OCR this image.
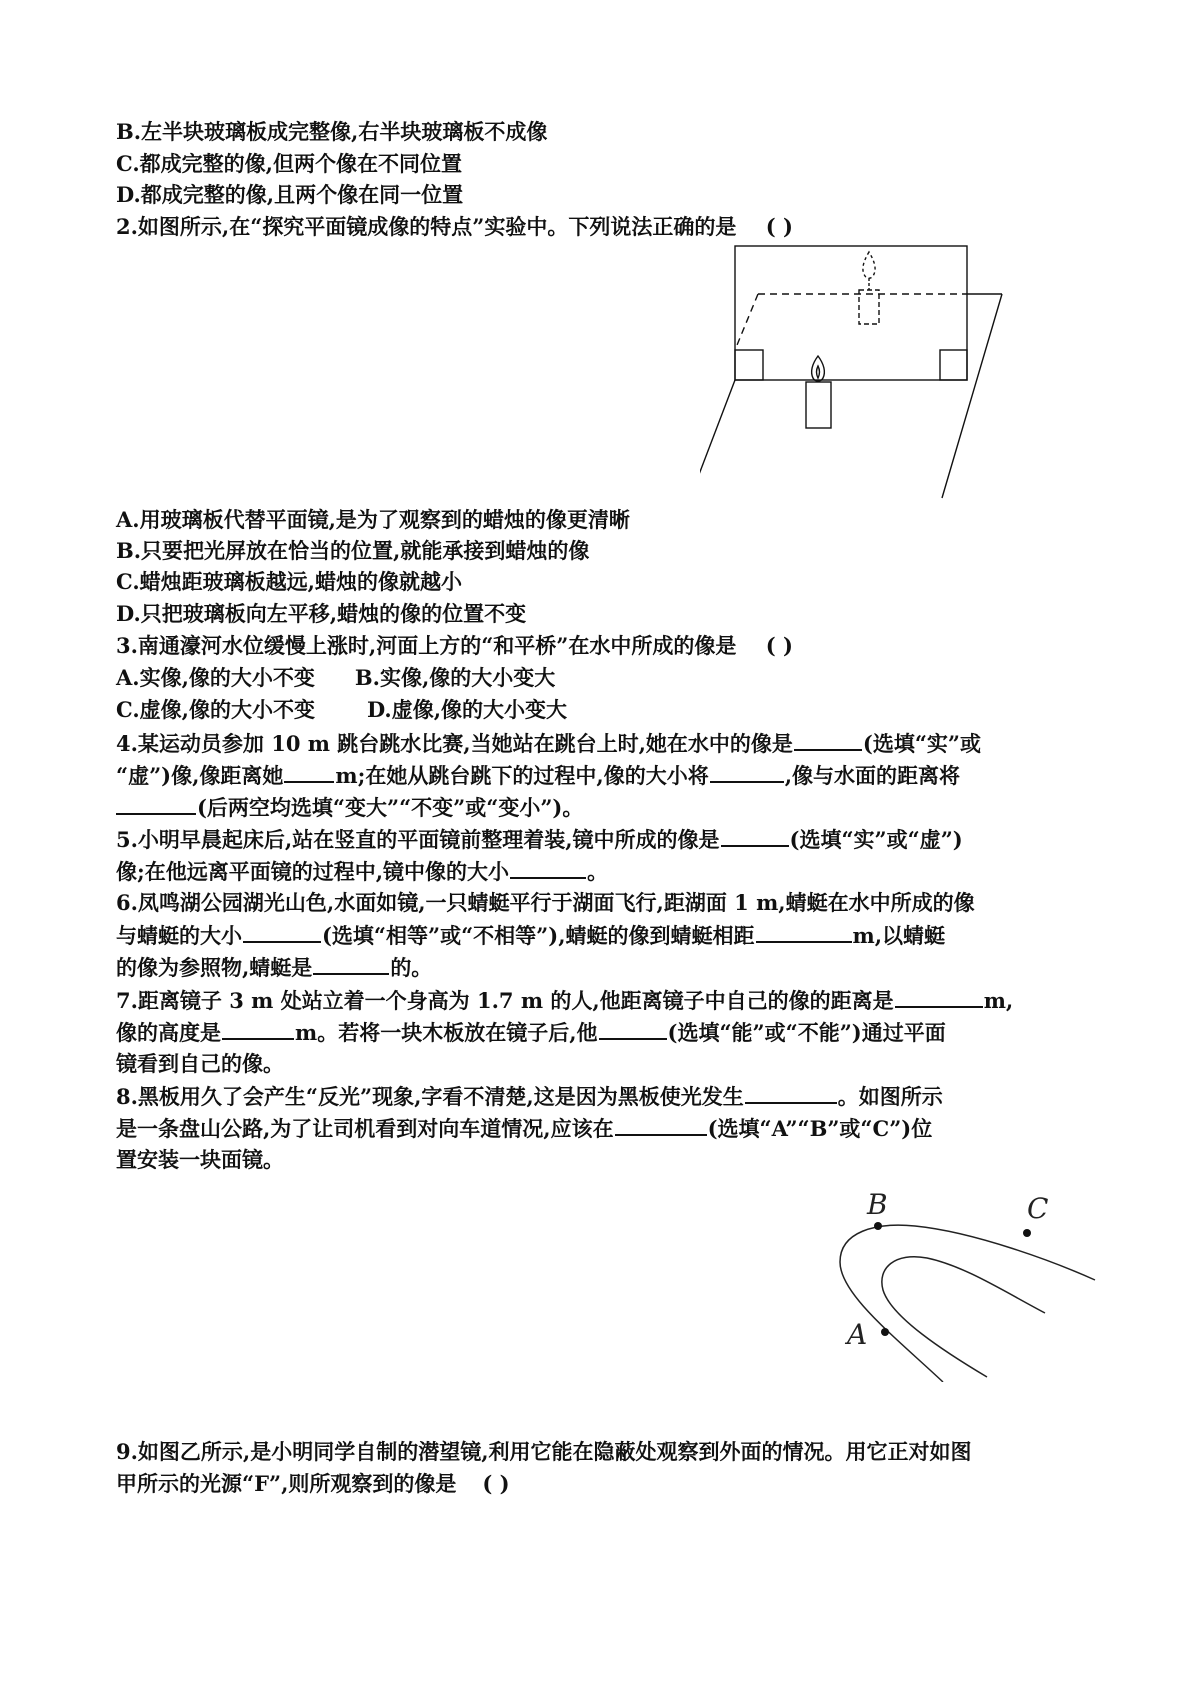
B.左半块玻璃板成完整像,右半块玻璃板不成像

C.都成完整的像,但两个像在不同位置

D.都成完整的像,且两个像在同一位置

2.如图所示,在“探究平面镜成像的特点”实验中。下列说法正确的是 ( )

A.用玻璃板代替平面镜,是为了观察到的蜡烛的像更清晰

B.只要把光屏放在恰当的位置,就能承接到蜡烛的像

C.蜡烛距玻璃板越远,蜡烛的像就越小

D.只把玻璃板向左平移,蜡烛的像的位置不变

3.南通濠河水位缓慢上涨时,河面上方的“和平桥”在水中所成的像是 ( )

A.实像,像的大小不变 B.实像,像的大小变大

C.虚像,像的大小不变 D.虚像,像的大小变大

4.某运动员参加 10 m 跳台跳水比赛,当她站在跳台上时,她在水中的像是	(选填“实”或

“虚”)像,像距离她 m;在她从跳台跳下的过程中,像的大小将	,像与水面的距离将

(后两空均选填“变大”“不变”或“变小”)。

5.小明早晨起床后,站在竖直的平面镜前整理着装,镜中所成的像是	(选填“实”或“虚”)

像;在他远离平面镜的过程中,镜中像的大小	。

6.凤鸣湖公园湖光山色,水面如镜,一只蜻蜓平行于湖面飞行,距湖面 1 m,蜻蜓在水中所成的像

与蜻蜓的大小	(选填“相等”或“不相等”),蜻蜓的像到蜻蜓相距	m,以蜻蜓

的像为参照物,蜻蜓是	的。

7.距离镜子 3 m 处站立着一个身高为 1.7 m 的人,他距离镜子中自己的像的距离是	m,

像的高度是	m。若将一块木板放在镜子后,他	(选填“能”或“不能”)通过平面

镜看到自己的像。

8.黑板用久了会产生“反光”现象,字看不清楚,这是因为黑板使光发生	。如图所示

是一条盘山公路,为了让司机看到对向车道情况,应该在	(选填“A”“B”或“C”)位

置安装一块面镜。

B	C
A

9.如图乙所示,是小明同学自制的潜望镜,利用它能在隐蔽处观察到外面的情况。用它正对如图

甲所示的光源“F”,则所观察到的像是 ( )
